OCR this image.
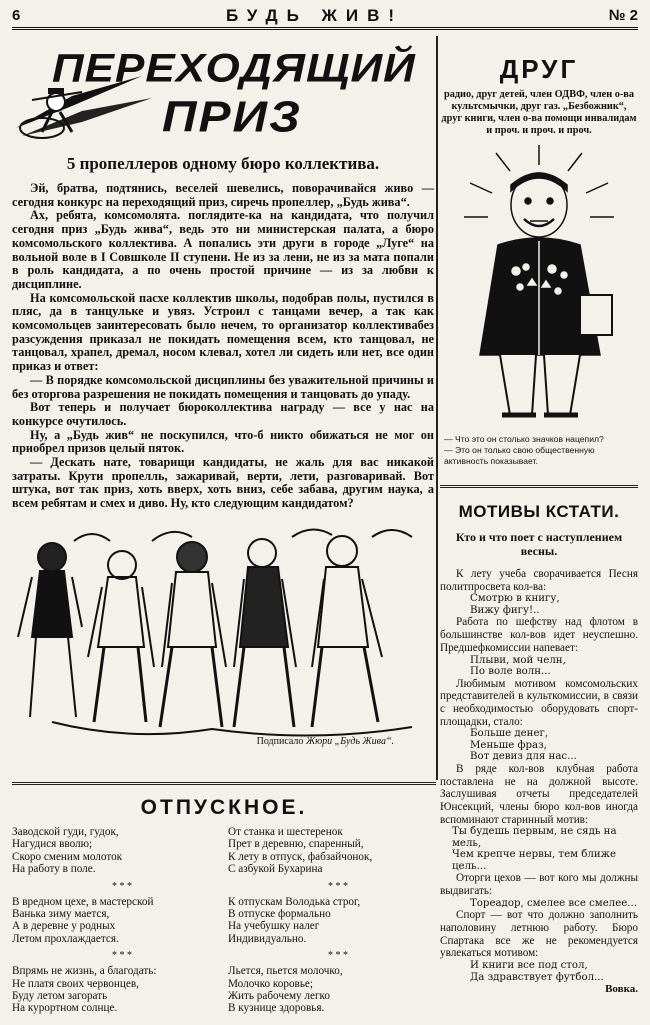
6	БУДЬ ЖИВ!	№ 2
ПЕРЕХОДЯЩИЙ
ПРИЗ
5 пропеллеров одному бюро коллектива.

Эй, братва, подтянись, веселей шевелись, поворачивайся живо — сегодня конкурс на переходящий приз, сиречь пропеллер, „Будь жива“.

Ах, ребята, комсомолята. поглядите-ка на кандидата, что получил сегодня приз „Будь жива“, ведь это ни министерская палата, а бюро комсомольского коллектива. А попались эти други в городе „Луге“ на вольной воле в I Совшколе II ступени. Не из за лени, не из за мата попали в роль кандидата, а по очень простой причине — из за любви к дисциплине.

На комсомольской пасхе коллектив школы, подобрав полы, пустился в пляс, да в танцульке и увяз. Устроил с танцами вечер, а так как комсомольцев заинтересовать было нечем, то организатор коллективабез разсуждения приказал не покидать помещения всем, кто танцовал, не танцовал, храпел, дремал, носом клевал, хотел ли сидеть или нет, все один приказ и ответ:

— В порядке комсомольской дисциплины без уважительной причины и без оторгова разрешения не покидать помещения и танцовать до упаду.

Вот теперь и получает бюроколлектива награду — все у нас на конкурсе очутилось.

Ну, а „Будь жив“ не поскупился, что-б никто обижаться не мог он приобрел призов целый пяток.

— Дескать нате, товарищи кандидаты, не жаль для вас никакой затраты. Крути пропелль, зажаривай, верти, лети, разговаривай. Вот штука, вот так приз, хоть вверх, хоть вниз, себе забава, другим наука, а всем ребятам и смех и диво. Ну, кто следующим кандидатом?

Подписало Жюри „Будь Жива“.
ОТПУСКНОЕ.
Заводской гуди, гудок,
Нагудися вволю;
Скоро сменим молоток
На работу в поле.
* * *
В вредном цехе, в мастерской
Ванька зиму мается,
А в деревне у родных
Летом прохлаждается.
* * *
Впрямь не жизнь, а благодать:
Не платя своих червонцев,
Буду летом загорать
На курортном солнце.
От станка и шестеренок
Прет в деревню, спаренный,
К лету в отпуск, фабзайчонок,
С азбукой Бухарина
* * *
К отпускам Володька строг,
В отпуске формально
На учебушку налег
Индивидуально.
* * *
Льется, пьется молочко,
Молочко коровье;
Жить рабочему легко
В кузнице здоровья.
ДРУГ
радио, друг детей, член ОДВФ, член о-ва культсмычки, друг газ. „Безбожник“, друг книги, член о-ва помощи инвалидам и проч. и проч. и проч.
— Что это он столько значков нацепил?
— Это он только свою общественную активность показывает.
МОТИВЫ КСТАТИ.
Кто и что поет с наступлением весны.

К лету учеба сворачивается Песня политпросвета кол-ва:

Смотрю в книгу,
Вижу фигу!..

Работа по шефству над флотом в большинстве кол-вов идет неуспешно. Предшефкомиссии напевает:

Плыви, мой челн,
По воле волн...

Любимым мотивом комсомольских представителей в культкомиссии, в связи с необходимостью оборудовать спорт-площадки, стало:

Больше денег,
Меньше фраз,
Вот девиз для нас...

В ряде кол-вов клубная работа поставлена не на должной высоте. Заслушивая отчеты председателей Юнсекций, члены бюро кол-вов иногда вспоминают старинный мотив:

Ты будешь первым, не сядь на мель,
Чем крепче нервы, тем ближе цель...

Оторги цехов — вот кого мы должны выдвигать:

Тореадор, смелее все смелее...

Спорт — вот что должно заполнить наполовину летнюю работу. Бюро Спартака все же не рекомендуется увлекаться мотивом:

И книги все под стол,
Да здравствует футбол...
Вовка.
